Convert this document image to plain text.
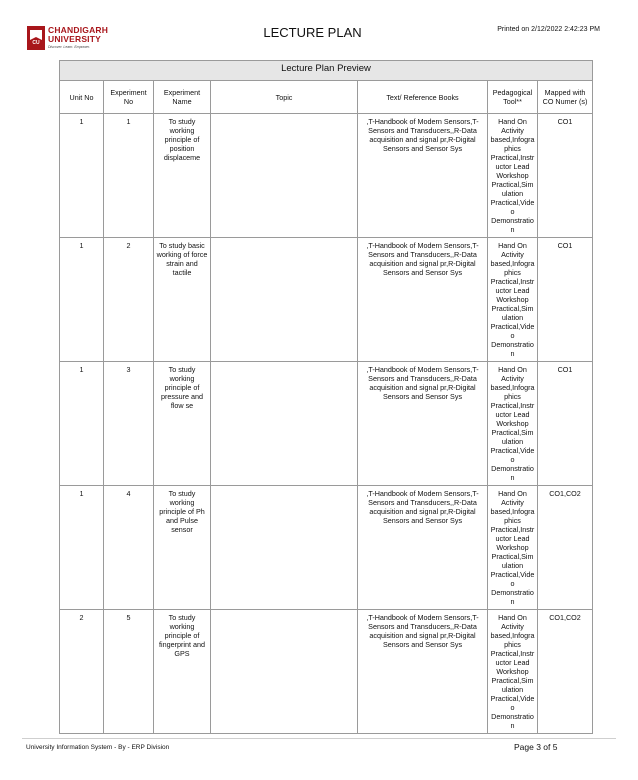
CU
CHANDIGARH
UNIVERSITY
Discover. Learn. Empower.
LECTURE PLAN	Printed on 2/12/2022 2:42:23 PM
Lecture Plan Preview						
Unit No	Experiment No	Experiment Name	Topic	Text/ Reference Books	Pedagogical Tool**	Mapped with CO Numer (s)
1	1	To study working principle of position displaceme		,T-Handbook of Modern Sensors,T-Sensors and Transducers,,R-Data acquisition and signal pr,R-Digital Sensors and Sensor Sys	Hand On Activity based,Infographics Practical,Instructor Lead Workshop Practical,Simulation Practical,Video Demonstration	CO1
1	2	To study basic working of force strain and tactile		,T-Handbook of Modern Sensors,T-Sensors and Transducers,,R-Data acquisition and signal pr,R-Digital Sensors and Sensor Sys	Hand On Activity based,Infographics Practical,Instructor Lead Workshop Practical,Simulation Practical,Video Demonstration	CO1
1	3	To study working principle of pressure and flow se		,T-Handbook of Modern Sensors,T-Sensors and Transducers,,R-Data acquisition and signal pr,R-Digital Sensors and Sensor Sys	Hand On Activity based,Infographics Practical,Instructor Lead Workshop Practical,Simulation Practical,Video Demonstration	CO1
1	4	To study working principle of Ph and Pulse sensor		,T-Handbook of Modern Sensors,T-Sensors and Transducers,,R-Data acquisition and signal pr,R-Digital Sensors and Sensor Sys	Hand On Activity based,Infographics Practical,Instructor Lead Workshop Practical,Simulation Practical,Video Demonstration	CO1,CO2
2	5	To study working principle of fingerprint and GPS		,T-Handbook of Modern Sensors,T-Sensors and Transducers,,R-Data acquisition and signal pr,R-Digital Sensors and Sensor Sys	Hand On Activity based,Infographics Practical,Instructor Lead Workshop Practical,Simulation Practical,Video Demonstration	CO1,CO2
University Information System - By - ERP Division	Page 3 of 5
